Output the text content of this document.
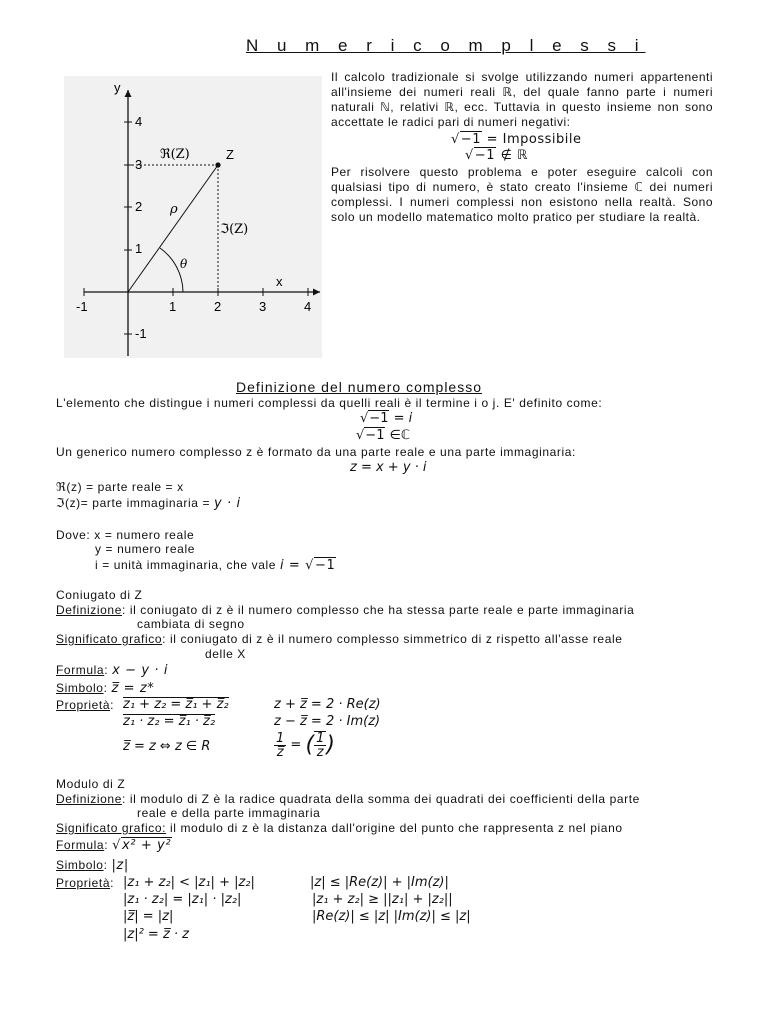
N u m e r i c o m p l e s s i
-1	1	2	3	4
-1
1
2
3
4
x
y
Z
ℜ(Z)
ℑ(Z)
ρ
θ
Il calcolo tradizionale si svolge utilizzando numeri appartenenti all'insieme dei numeri reali ℝ, del quale fanno parte i numeri naturali ℕ, relativi ℝ, ecc. Tuttavia in questo insieme non sono accettate le radici pari di numeri negativi:
√−1 = Impossibile
√−1 ∉ ℝ
Per risolvere questo problema e poter eseguire calcoli con qualsiasi tipo di numero, è stato creato l'insieme ℂ dei numeri complessi. I numeri complessi non esistono nella realtà. Sono solo un modello matematico molto pratico per studiare la realtà.
Definizione del numero complesso
L'elemento che distingue i numeri complessi da quelli reali è il termine i o j. E' definito come:
√−1 = i
√−1 ∈ℂ
Un generico numero complesso z è formato da una parte reale e una parte immaginaria:
z = x + y · i
ℜ(z) = parte reale = x
ℑ(z)= parte immaginaria = y · i
Dove: x = numero reale
y = numero reale
i = unità immaginaria, che vale i = √−1
Coniugato di Z
Definizione: il coniugato di z è il numero complesso che ha stessa parte reale e parte immaginaria
cambiata di segno
Significato grafico: il coniugato di z è il numero complesso simmetrico di z rispetto all'asse reale
delle X
Formula: x − y · i
Simbolo: z̅ = z*
Proprietà: z₁ + z₂ = z̅₁ + z̅₂	z + z̅ = 2 · Re(z)
z₁ · z₂ = z̅₁ · z̅₂	z − z̅ = 2 · Im(z)
z̅ = z ⇔ z ∈ R	$\frac{1}{z̅}$ = ( $\frac{1}{z}$ )
Modulo di Z
Definizione: il modulo di Z è la radice quadrata della somma dei quadrati dei coefficienti della parte
reale e della parte immaginaria
Significato grafico: il modulo di z è la distanza dall'origine del punto che rappresenta z nel piano
Formula: √x² + y²
Simbolo: |z|
Proprietà: |z₁ + z₂| < |z₁| + |z₂|	|z| ≤ |Re(z)| + |Im(z)|
|z₁ · z₂| = |z₁| · |z₂|	|z₁ + z₂| ≥ ||z₁| + |z₂||
|z̅| = |z|	|Re(z)| ≤ |z| |Im(z)| ≤ |z|
|z|² = z̅ · z
